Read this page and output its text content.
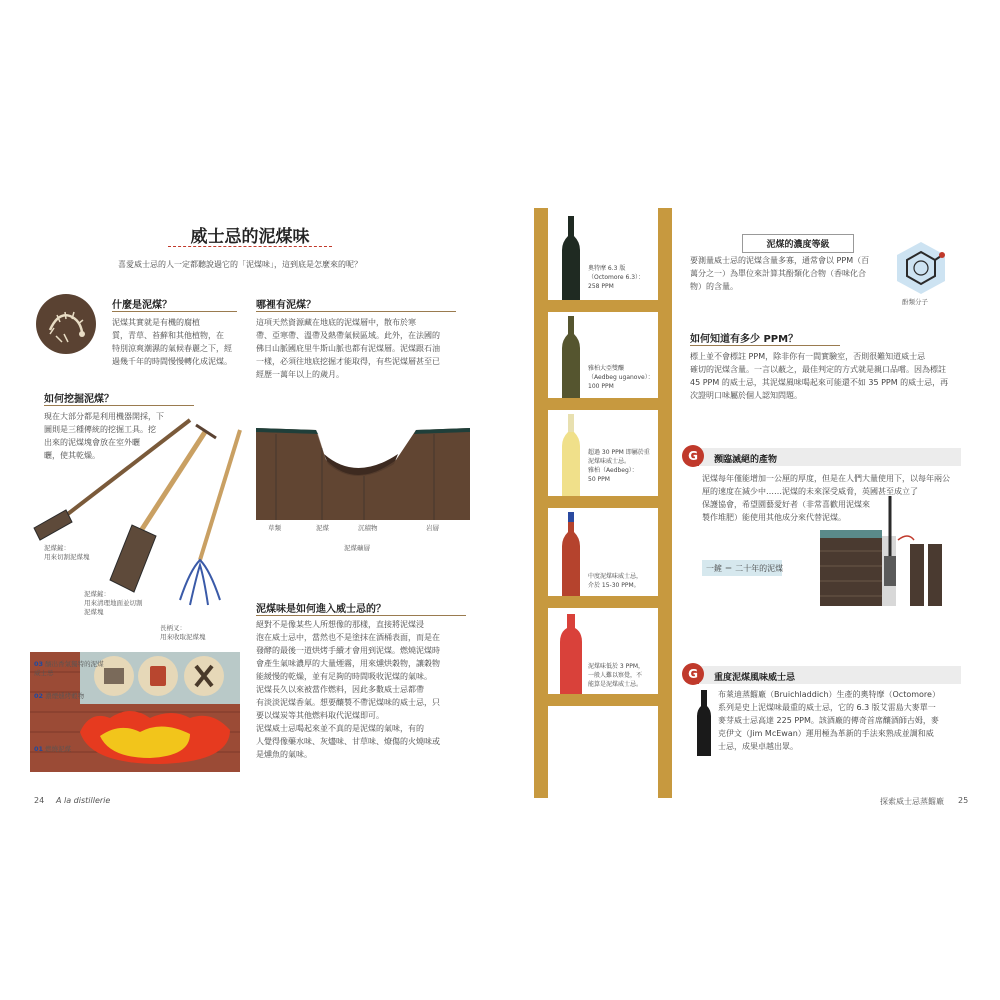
威士忌的泥煤味
喜愛威士忌的人一定都聽說過它的「泥煤味」，這到底是怎麼來的呢？
什麼是泥煤？
泥煤其實就是有機的腐植
質，青草、苔蘚和其他植物，在
特別涼爽潮濕的氣候春麗之下，經
過幾千年的時間慢慢轉化成泥煤。
哪裡有泥煤？
這項天然資源藏在地底的泥煤層中，散布於寒
帶、亞寒帶、溫帶及熱帶氣候區域。此外，在法國的
佛日山脈國庇里牛斯山脈也都有泥煤層。泥煤跟石油
一樣，必須往地底挖掘才能取得，有些泥煤層甚至已
經歷一萬年以上的歲月。
如何挖掘泥煤？
現在大部分都是利用機器開採，下
圖則是三種傳統的挖掘工具。挖
出來的泥煤塊會放在室外曬
曬，使其乾燥。
泥煤鏟：
用來切割泥煤塊
泥煤鏟：
用來清理地面並切割
泥煤塊
長柄叉：
用來收取泥煤塊
草類	泥煤	沉積物	岩層
泥煤礦層
03 釀出香氣獨特的泥煤威士忌
02 濃煙燻烤穀物
01 燃燒泥煤
泥煤味是如何進入威士忌的？
絕對不是像某些人所想像的那樣，直接將泥煤浸
泡在威士忌中，當然也不是塗抹在酒桶表面，而是在
發酵的最後一道烘烤手續才會用到泥煤。燃燒泥煤時
會產生氣味濃厚的大量煙霧，用來燻烘穀物，讓穀物
能緩慢的乾燥，並有足夠的時間吸收泥煤的氣味。
泥煤長久以來被當作燃料，因此多數威士忌都帶
有淡淡泥煤香氣。想要釀製不帶泥煤味的威士忌，只
要以煤炭等其他燃料取代泥煤即可。
泥煤威士忌喝起來並不真的是泥煤的氣味，有的
人覺得像藥水味、灰燼味、甘草味、燎傷的火燒味或
是燻魚的氣味。
24 A la distillerie
奧特摩 6.3 版
（Octomore 6.3）：
258 PPM
雅柏大亞雙釀
（Aedbeg uganove）：
100 PPM
超過 30 PPM 即屬於重
泥煤味威士忌。
雅柏（Aedbeg）：
50 PPM
中度泥煤味威士忌，
介於 15-30 PPM。
泥煤味低於 3 PPM，
一般人難以察覺，不
能算是泥煤威士忌。
泥煤的濃度等級
要測量威士忌的泥煤含量多寡，通常會以 PPM（百
萬分之一）為單位來計算其酚類化合物（香味化合
物）的含量。
酚類分子
如何知道有多少 PPM？
標上並不會標註 PPM，除非你有一間實驗室，否則很難知道威士忌
確切的泥煤含量。一言以蔽之，最佳判定的方式就是親口品嚐。因為標註
45 PPM 的威士忌，其泥煤風味喝起來可能還不如 35 PPM 的威士忌，再
次證明口味屬於個人認知問題。
G	瀕臨滅絕的產物
泥煤每年僅能增加一公厘的厚度，但是在人們大量使用下，以每年兩公
厘的速度在減少中……泥煤的未來深受威脅，英國甚至成立了
保護協會，希望園藝愛好者（非常喜歡用泥煤來
製作堆肥）能使用其他成分來代替泥煤。
一鏟 ＝ 二十年的泥煤
G	重度泥煤風味威士忌
布萊迪蒸餾廠（Bruichladdich）生產的奧特摩（Octomore）
系列是史上泥煤味最重的威士忌，它的 6.3 版艾雷島大麥單一
麥芽威士忌高達 225 PPM。該酒廠的傳奇首席釀酒師古姆，麥
克伊文（Jim McEwan）運用極為革新的手法來熟成並調和威
士忌，成果卓越出眾。
探索威士忌蒸餾廠 25
